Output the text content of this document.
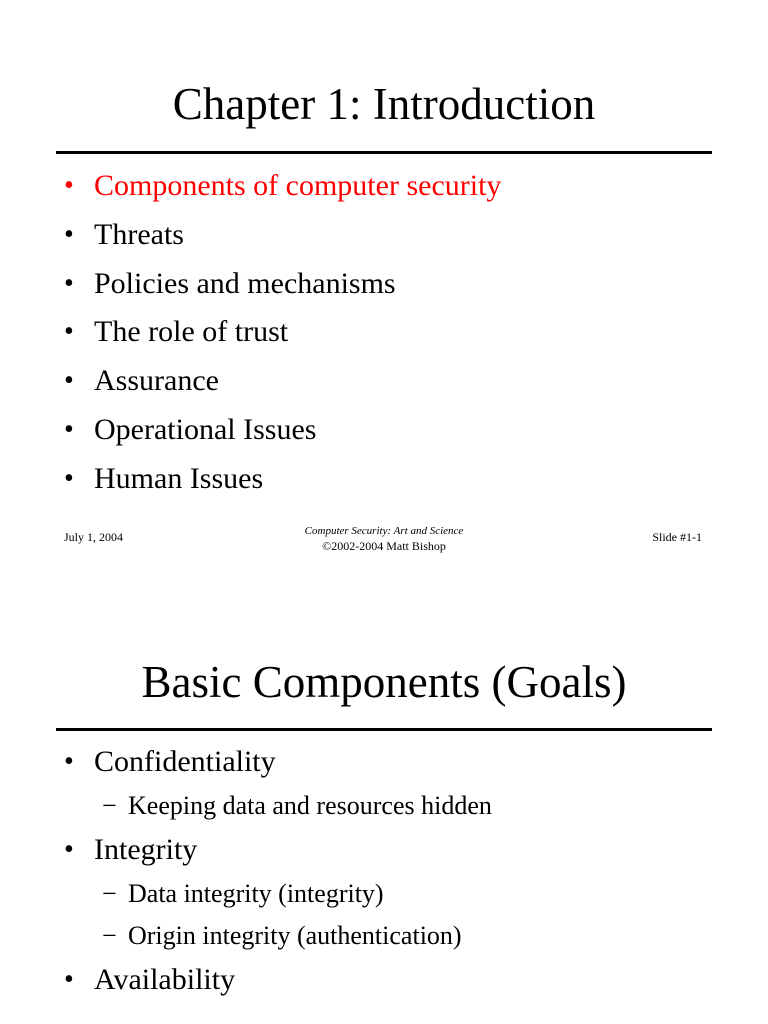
Chapter 1: Introduction
• Components of computer security
• Threats
• Policies and mechanisms
• The role of trust
• Assurance
• Operational Issues
• Human Issues
July 1, 2004	Computer Security: Art and Science
©2002-2004 Matt Bishop
Slide #1-1
Basic Components (Goals)
• Confidentiality
− Keeping data and resources hidden
• Integrity
− Data integrity (integrity)
− Origin integrity (authentication)
• Availability
